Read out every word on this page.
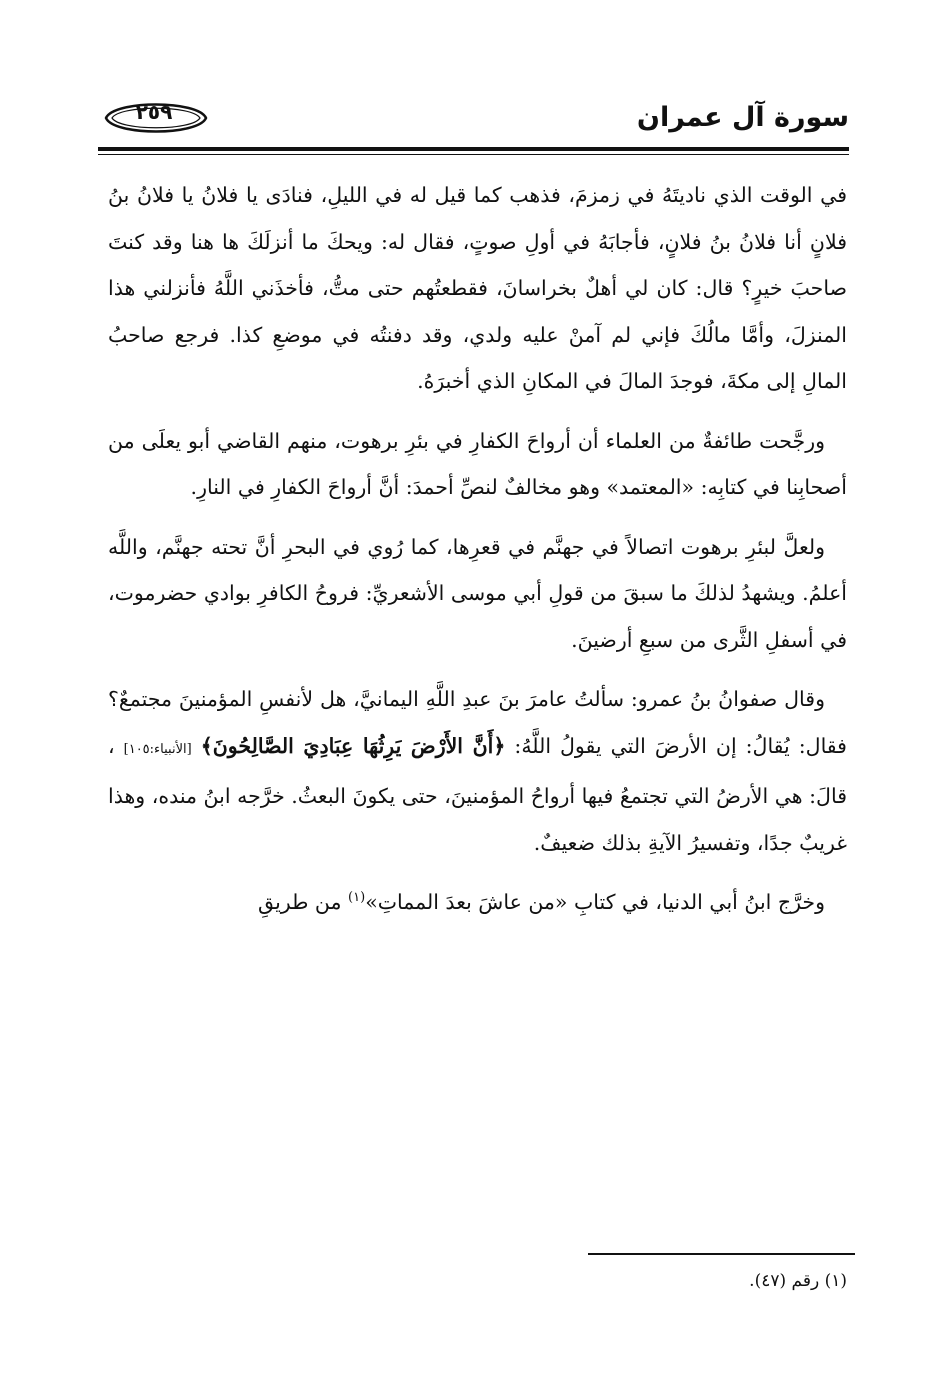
سورة آل عمران
٢٥٩

في الوقت الذي ناديتَهُ في زمزمَ، فذهب كما قيل له في الليلِ، فنادَى يا فلانُ يا فلانُ بنُ فلانٍ أنا فلانُ بنُ فلانٍ، فأجابَهُ في أولِ صوتٍ، فقال له: ويحكَ ما أنزلَكَ ها هنا وقد كنتَ صاحبَ خيرٍ؟ قال: كان لي أهلٌ بخراسانَ، فقطعتُهم حتى متُّ، فأخذَني اللَّهُ فأنزلني هذا المنزلَ، وأمَّا مالُكَ فإني لم آمنْ عليه ولدي، وقد دفنتُه في موضعِ كذا. فرجع صاحبُ المالِ إلى مكةَ، فوجدَ المالَ في المكانِ الذي أخبرَهُ.

ورجَّحت طائفةٌ من العلماء أن أرواحَ الكفارِ في بئرِ برهوت، منهم القاضي أبو يعلَى من أصحابِنا في كتابِه: «المعتمد» وهو مخالفٌ لنصِّ أحمدَ: أنَّ أرواحَ الكفارِ في النارِ.

ولعلَّ لبئرِ برهوت اتصالاً في جهنَّم في قعرِها، كما رُوي في البحرِ أنَّ تحته جهنَّم، واللَّه أعلمُ. ويشهدُ لذلكَ ما سبقَ من قولِ أبي موسى الأشعريِّ: فروحُ الكافرِ بوادي حضرموت، في أسفلِ الثَّرى من سبعِ أرضينَ.

وقال صفوانُ بنُ عمرو: سألتُ عامرَ بنَ عبدِ اللَّهِ اليمانيَّ، هل لأنفسِ المؤمنينَ مجتمعٌ؟ فقال: يُقالُ: إن الأرضَ التي يقولُ اللَّهُ: ﴿أَنَّ الأَرْضَ يَرِثُهَا عِبَادِيَ الصَّالِحُونَ﴾ [الأنبياء:١٠٥] ، قالَ: هي الأرضُ التي تجتمعُ فيها أرواحُ المؤمنينَ، حتى يكونَ البعثُ. خرَّجه ابنُ منده، وهذا غريبٌ جدًا، وتفسيرُ الآيةِ بذلك ضعيفٌ.

وخرَّج ابنُ أبي الدنيا، في كتابِ «من عاشَ بعدَ المماتِ»$^{(١)}$ من طريقِ

(١) رقم (٤٧).
